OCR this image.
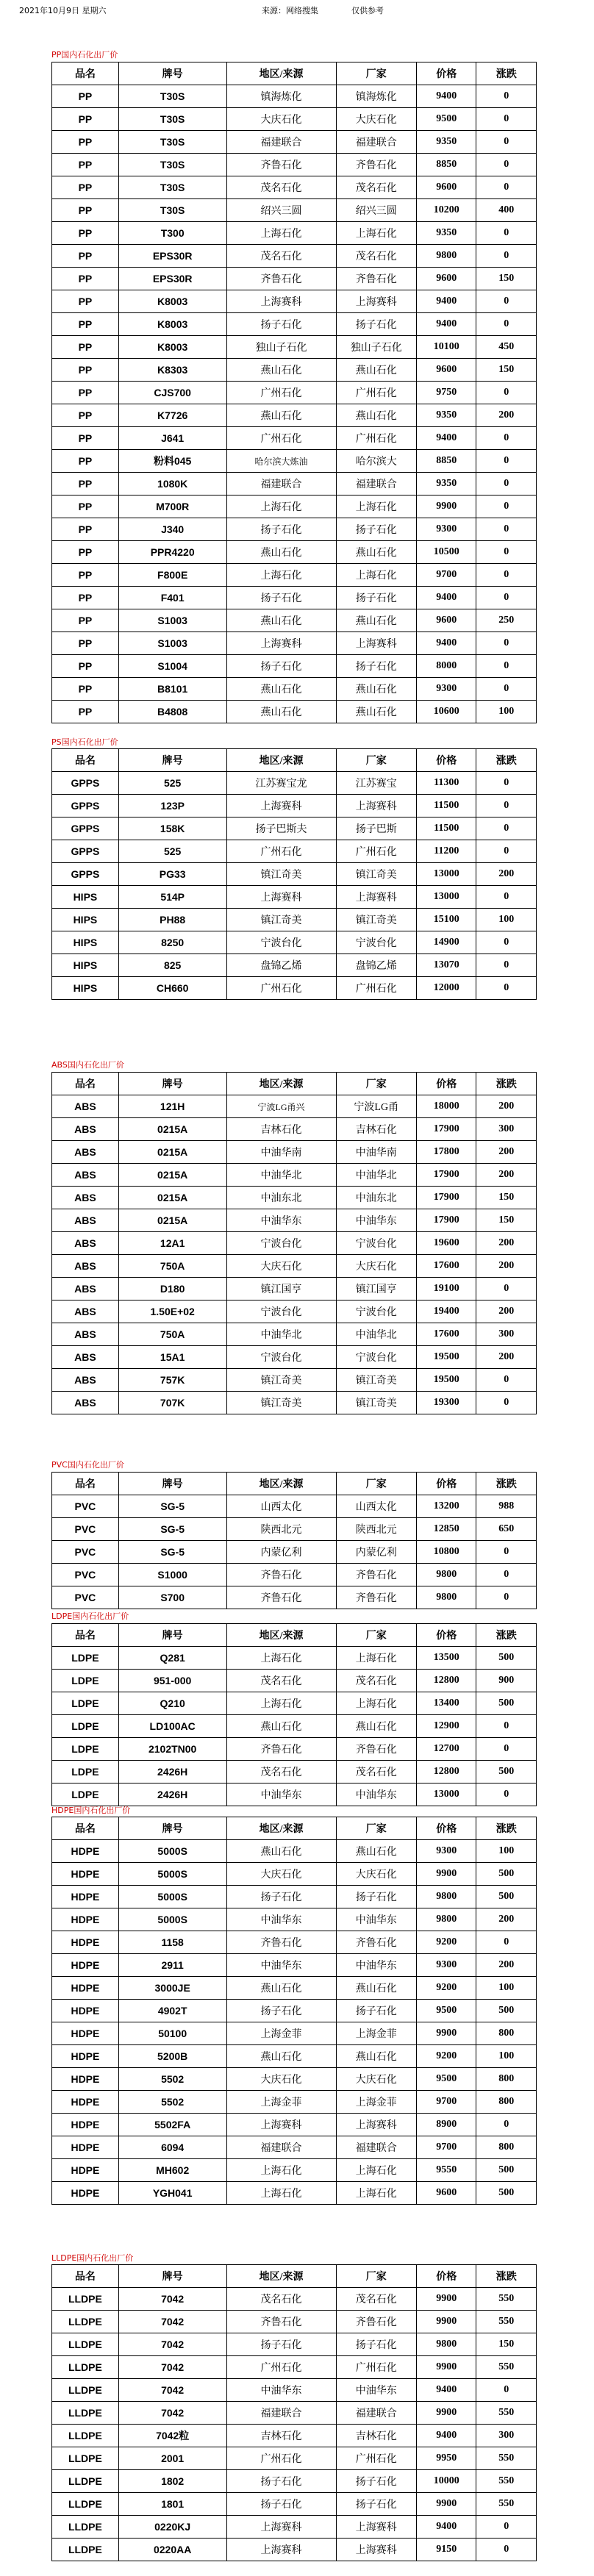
2021年10月9日 星期六	来源：网络搜集	仅供参考
PP国内石化出厂价
品名	牌号	地区/来源	厂家	价格	涨跌
PP	T30S	镇海炼化	镇海炼化	9400	0
PP	T30S	大庆石化	大庆石化	9500	0
PP	T30S	福建联合	福建联合	9350	0
PP	T30S	齐鲁石化	齐鲁石化	8850	0
PP	T30S	茂名石化	茂名石化	9600	0
PP	T30S	绍兴三圆	绍兴三圆	10200	400
PP	T300	上海石化	上海石化	9350	0
PP	EPS30R	茂名石化	茂名石化	9800	0
PP	EPS30R	齐鲁石化	齐鲁石化	9600	150
PP	K8003	上海赛科	上海赛科	9400	0
PP	K8003	扬子石化	扬子石化	9400	0
PP	K8003	独山子石化	独山子石化	10100	450
PP	K8303	燕山石化	燕山石化	9600	150
PP	CJS700	广州石化	广州石化	9750	0
PP	K7726	燕山石化	燕山石化	9350	200
PP	J641	广州石化	广州石化	9400	0
PP	粉料045	哈尔滨大炼油	哈尔滨大	8850	0
PP	1080K	福建联合	福建联合	9350	0
PP	M700R	上海石化	上海石化	9900	0
PP	J340	扬子石化	扬子石化	9300	0
PP	PPR4220	燕山石化	燕山石化	10500	0
PP	F800E	上海石化	上海石化	9700	0
PP	F401	扬子石化	扬子石化	9400	0
PP	S1003	燕山石化	燕山石化	9600	250
PP	S1003	上海赛科	上海赛科	9400	0
PP	S1004	扬子石化	扬子石化	8000	0
PP	B8101	燕山石化	燕山石化	9300	0
PP	B4808	燕山石化	燕山石化	10600	100
PS国内石化出厂价
品名	牌号	地区/来源	厂家	价格	涨跌
GPPS	525	江苏赛宝龙	江苏赛宝	11300	0
GPPS	123P	上海赛科	上海赛科	11500	0
GPPS	158K	扬子巴斯夫	扬子巴斯	11500	0
GPPS	525	广州石化	广州石化	11200	0
GPPS	PG33	镇江奇美	镇江奇美	13000	200
HIPS	514P	上海赛科	上海赛科	13000	0
HIPS	PH88	镇江奇美	镇江奇美	15100	100
HIPS	8250	宁波台化	宁波台化	14900	0
HIPS	825	盘锦乙烯	盘锦乙烯	13070	0
HIPS	CH660	广州石化	广州石化	12000	0
ABS国内石化出厂价
品名	牌号	地区/来源	厂家	价格	涨跌
ABS	121H	宁波LG甬兴	宁波LG甬	18000	200
ABS	0215A	吉林石化	吉林石化	17900	300
ABS	0215A	中油华南	中油华南	17800	200
ABS	0215A	中油华北	中油华北	17900	200
ABS	0215A	中油东北	中油东北	17900	150
ABS	0215A	中油华东	中油华东	17900	150
ABS	12A1	宁波台化	宁波台化	19600	200
ABS	750A	大庆石化	大庆石化	17600	200
ABS	D180	镇江国亨	镇江国亨	19100	0
ABS	1.50E+02	宁波台化	宁波台化	19400	200
ABS	750A	中油华北	中油华北	17600	300
ABS	15A1	宁波台化	宁波台化	19500	200
ABS	757K	镇江奇美	镇江奇美	19500	0
ABS	707K	镇江奇美	镇江奇美	19300	0
PVC国内石化出厂价
品名	牌号	地区/来源	厂家	价格	涨跌
PVC	SG-5	山西太化	山西太化	13200	988
PVC	SG-5	陕西北元	陕西北元	12850	650
PVC	SG-5	内蒙亿利	内蒙亿利	10800	0
PVC	S1000	齐鲁石化	齐鲁石化	9800	0
PVC	S700	齐鲁石化	齐鲁石化	9800	0
LDPE国内石化出厂价
品名	牌号	地区/来源	厂家	价格	涨跌
LDPE	Q281	上海石化	上海石化	13500	500
LDPE	951-000	茂名石化	茂名石化	12800	900
LDPE	Q210	上海石化	上海石化	13400	500
LDPE	LD100AC	燕山石化	燕山石化	12900	0
LDPE	2102TN00	齐鲁石化	齐鲁石化	12700	0
LDPE	2426H	茂名石化	茂名石化	12800	500
LDPE	2426H	中油华东	中油华东	13000	0
HDPE国内石化出厂价
品名	牌号	地区/来源	厂家	价格	涨跌
HDPE	5000S	燕山石化	燕山石化	9300	100
HDPE	5000S	大庆石化	大庆石化	9900	500
HDPE	5000S	扬子石化	扬子石化	9800	500
HDPE	5000S	中油华东	中油华东	9800	200
HDPE	1158	齐鲁石化	齐鲁石化	9200	0
HDPE	2911	中油华东	中油华东	9300	200
HDPE	3000JE	燕山石化	燕山石化	9200	100
HDPE	4902T	扬子石化	扬子石化	9500	500
HDPE	50100	上海金菲	上海金菲	9900	800
HDPE	5200B	燕山石化	燕山石化	9200	100
HDPE	5502	大庆石化	大庆石化	9500	800
HDPE	5502	上海金菲	上海金菲	9700	800
HDPE	5502FA	上海赛科	上海赛科	8900	0
HDPE	6094	福建联合	福建联合	9700	800
HDPE	MH602	上海石化	上海石化	9550	500
HDPE	YGH041	上海石化	上海石化	9600	500
LLDPE国内石化出厂价
品名	牌号	地区/来源	厂家	价格	涨跌
LLDPE	7042	茂名石化	茂名石化	9900	550
LLDPE	7042	齐鲁石化	齐鲁石化	9900	550
LLDPE	7042	扬子石化	扬子石化	9800	150
LLDPE	7042	广州石化	广州石化	9900	550
LLDPE	7042	中油华东	中油华东	9400	0
LLDPE	7042	福建联合	福建联合	9900	550
LLDPE	7042粒	吉林石化	吉林石化	9400	300
LLDPE	2001	广州石化	广州石化	9950	550
LLDPE	1802	扬子石化	扬子石化	10000	550
LLDPE	1801	扬子石化	扬子石化	9900	550
LLDPE	0220KJ	上海赛科	上海赛科	9400	0
LLDPE	0220AA	上海赛科	上海赛科	9150	0
